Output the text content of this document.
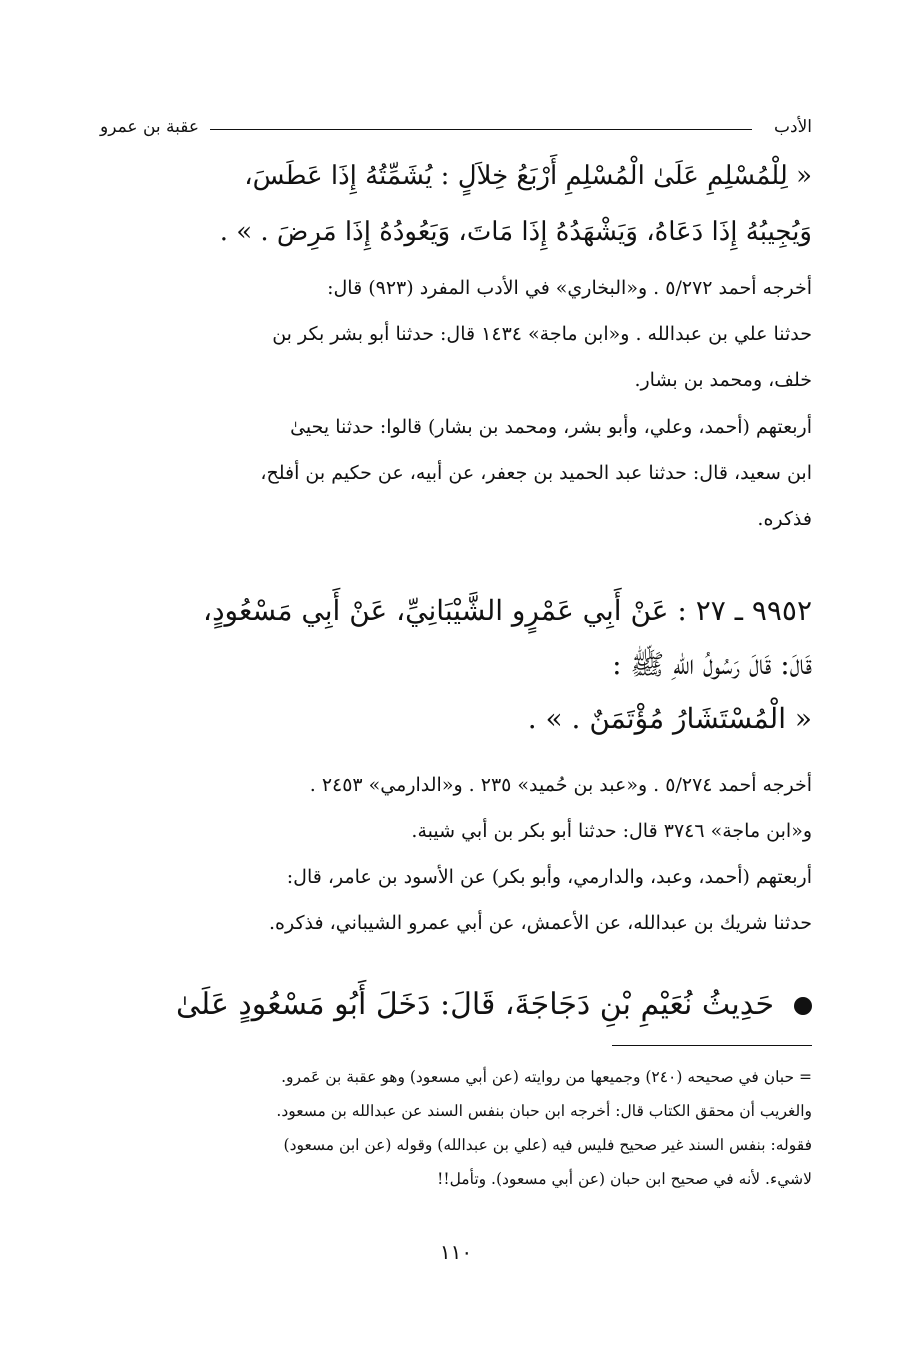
الأدب
عقبة بن عمرو
« لِلْمُسْلِمِ عَلَىٰ الْمُسْلِمِ أَرْبَعُ خِلاَلٍ : يُشَمِّتُهُ إِذَا عَطَسَ،
وَيُجِيبُهُ إِذَا دَعَاهُ، وَيَشْهَدُهُ إِذَا مَاتَ، وَيَعُودُهُ إِذَا مَرِضَ . » .
أخرجه أحمد ٥/٢٧٢ . و«البخاري» في الأدب المفرد (٩٢٣) قال:
حدثنا علي بن عبدالله . و«ابن ماجة» ١٤٣٤ قال: حدثنا أبو بشر بكر بن
خلف، ومحمد بن بشار.
أربعتهم (أحمد، وعلي، وأبو بشر، ومحمد بن بشار) قالوا: حدثنا يحيىٰ
ابن سعيد، قال: حدثنا عبد الحميد بن جعفر، عن أبيه، عن حكيم بن أفلح،
فذكره.
٩٩٥٢ ـ ٢٧ : عَنْ أَبِي عَمْرٍو الشَّيْبَانِيِّ، عَنْ أَبِي مَسْعُودٍ،
قَالَ: قَالَ رَسُولُ اللهِ ﷺ :
« الْمُسْتَشَارُ مُؤْتَمَنٌ . » .
أخرجه أحمد ٥/٢٧٤ . و«عبد بن حُميد» ٢٣٥ . و«الدارمي» ٢٤٥٣ .
و«ابن ماجة» ٣٧٤٦ قال: حدثنا أبو بكر بن أبي شيبة.
أربعتهم (أحمد، وعبد، والدارمي، وأبو بكر) عن الأسود بن عامر، قال:
حدثنا شريك بن عبدالله، عن الأعمش، عن أبي عمرو الشيباني، فذكره.
حَدِيثُ نُعَيْمِ بْنِ دَجَاجَةَ، قَالَ: دَخَلَ أَبُو مَسْعُودٍ عَلَىٰ
= حبان في صحيحه (٢٤٠) وجميعها من روايته (عن أبي مسعود) وهو عقبة بن عَمرو.
والغريب أن محقق الكتاب قال: أخرجه ابن حبان بنفس السند عن عبدالله بن مسعود.
فقوله: بنفس السند غير صحيح فليس فيه (علي بن عبدالله) وقوله (عن ابن مسعود)
لاشيء. لأنه في صحيح ابن حبان (عن أبي مسعود). وتأمل!!
١١٠
